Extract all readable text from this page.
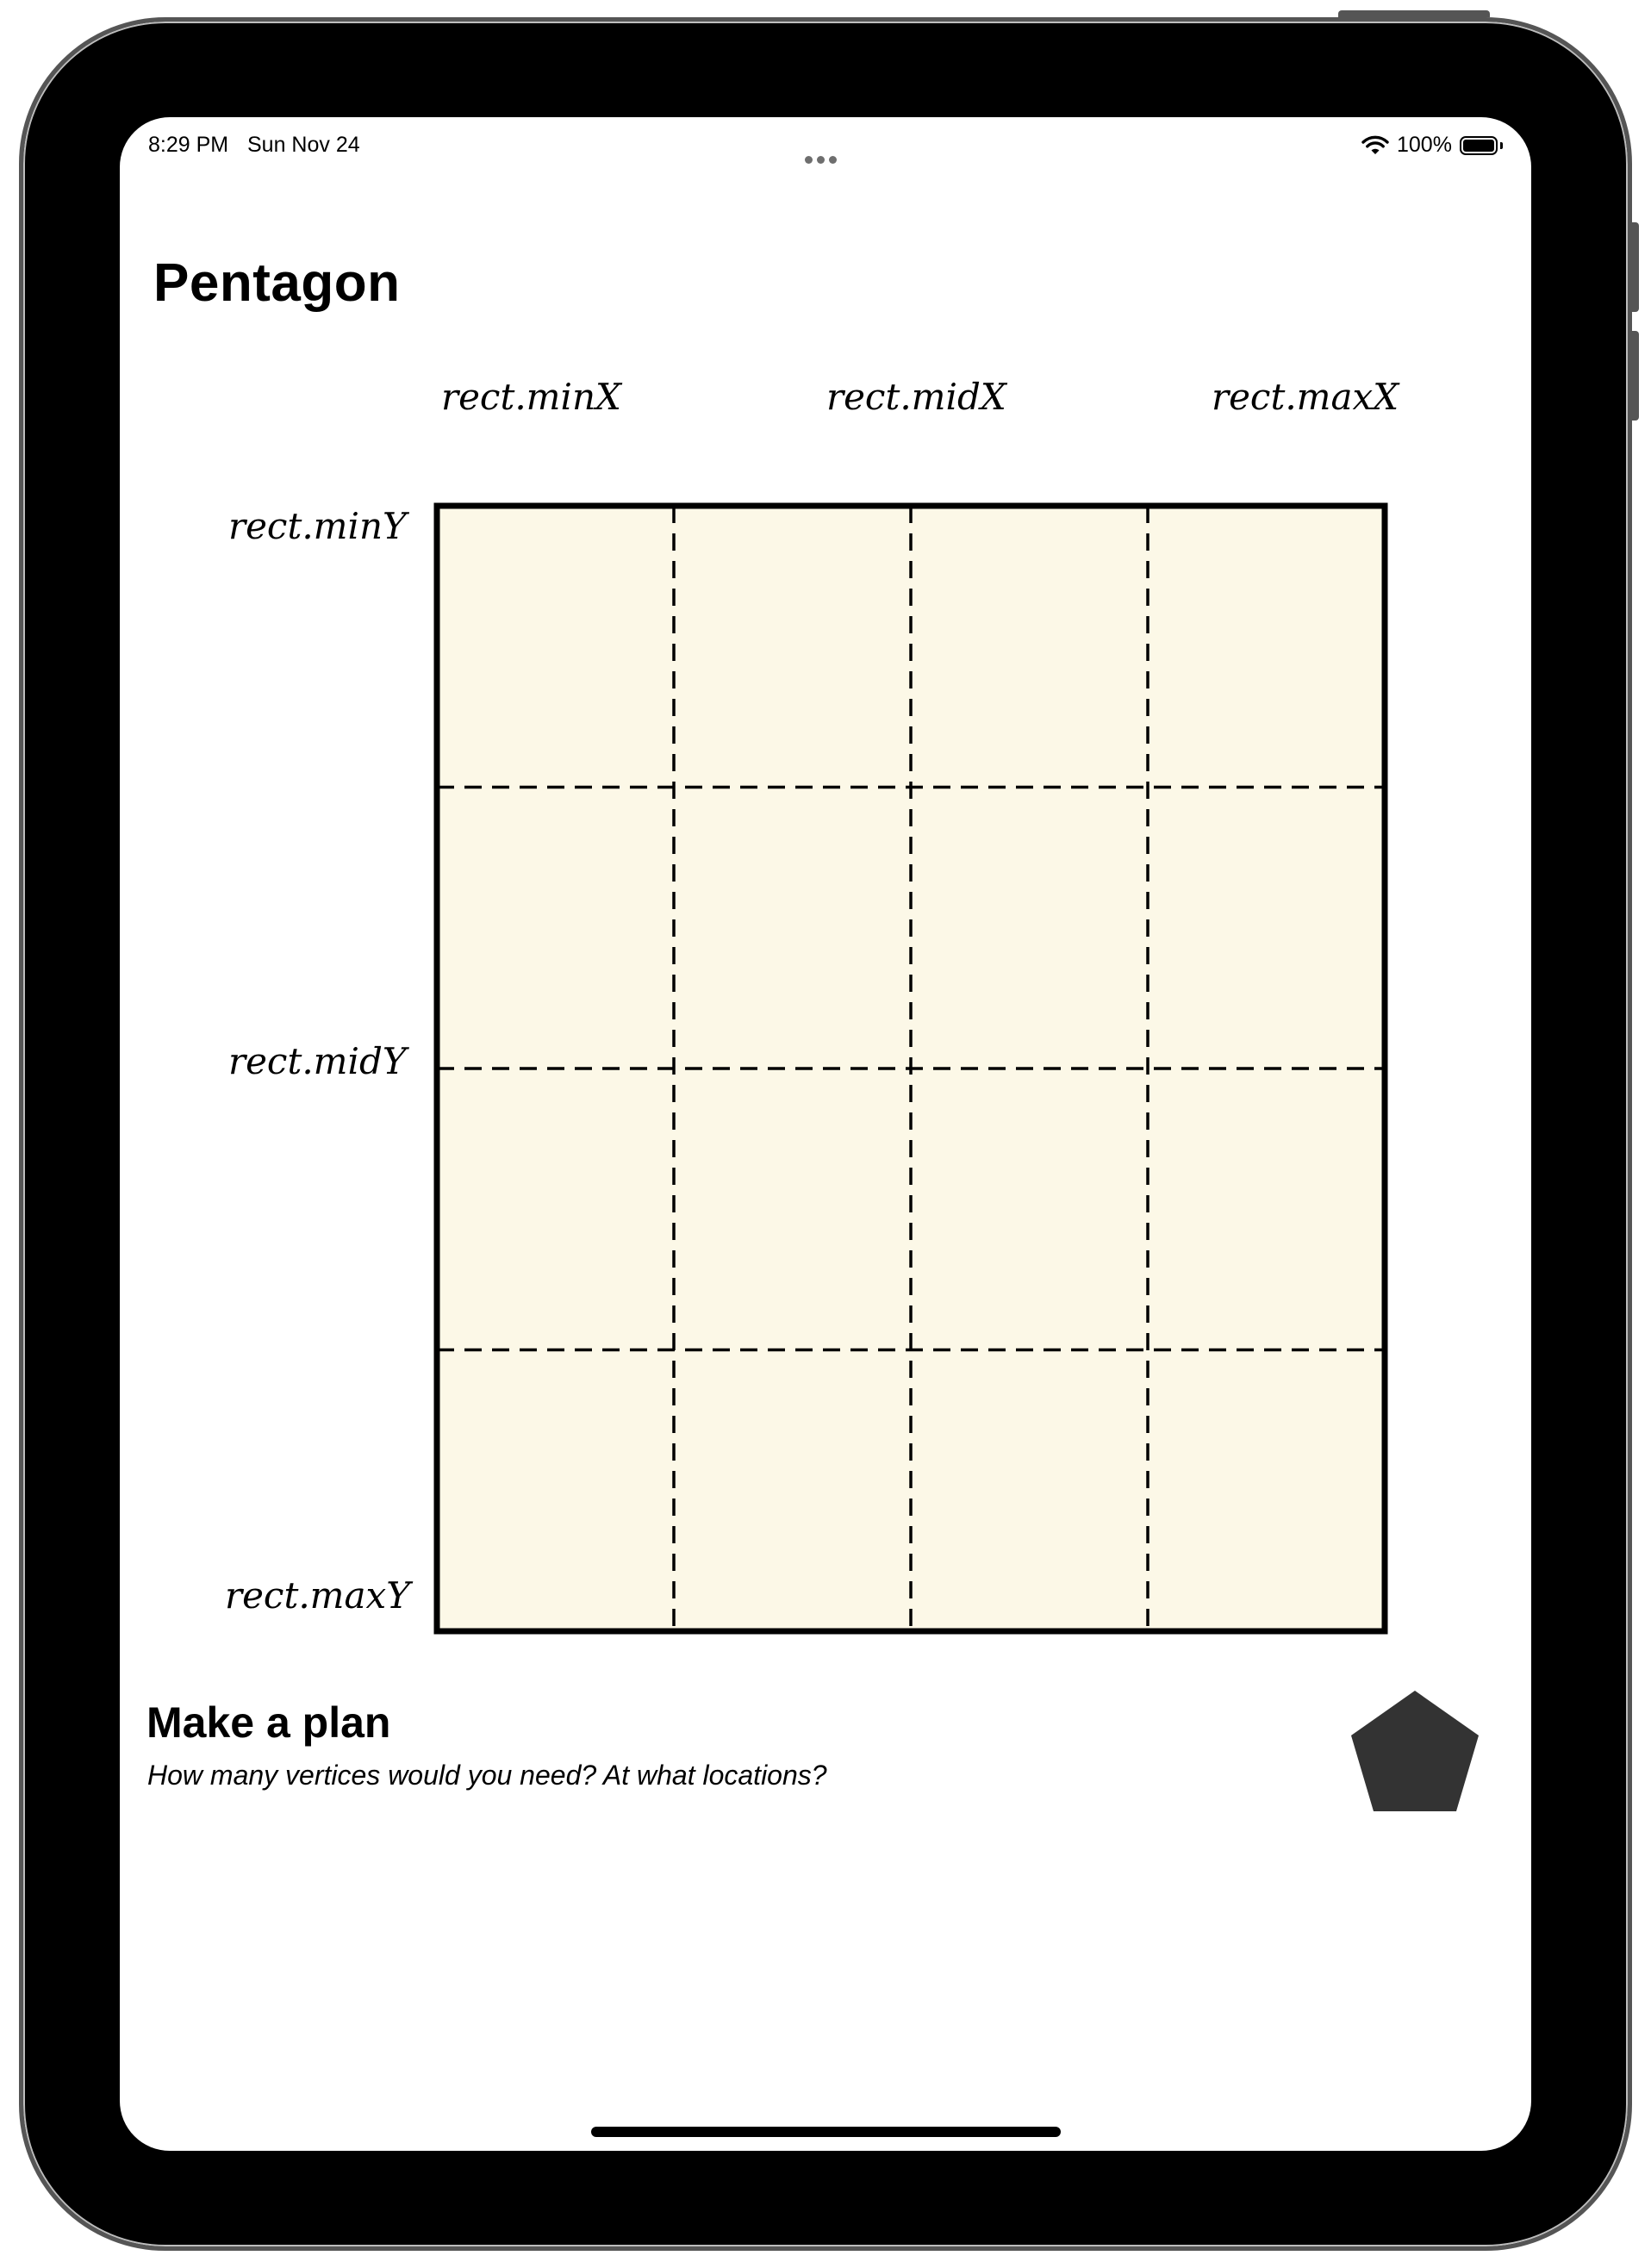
8:29 PM Sun Nov 24	100%
Pentagon
rect.minX	rect.midX	rect.maxX
rect.minY
rect.midY
rect.maxY
Make a plan
How many vertices would you need? At what locations?
